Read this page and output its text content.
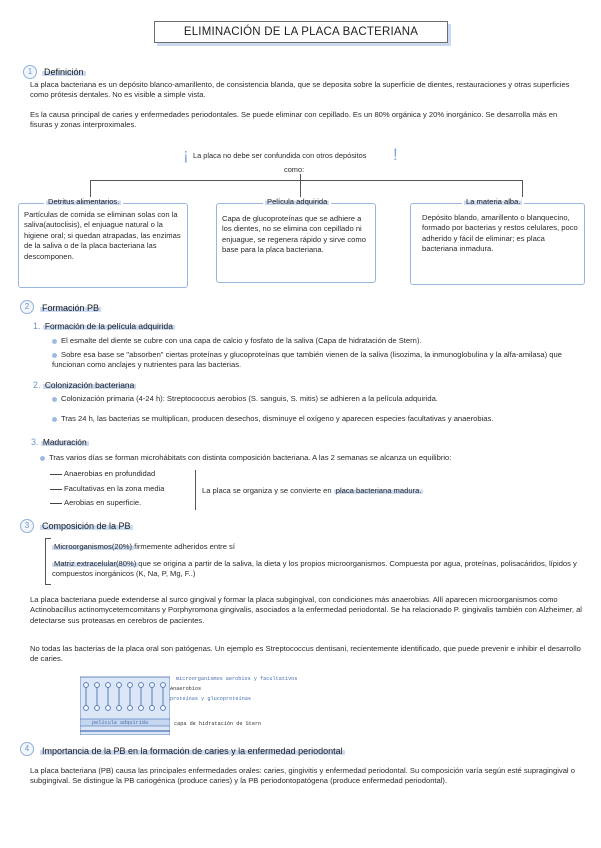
ELIMINACIÓN DE LA PLACA BACTERIANA
1	Definición
La placa bacteriana es un depósito blanco-amarillento, de consistencia blanda, que se deposita sobre la superficie de dientes, restauraciones y otras superficies como prótesis dentales. No es visible a simple vista.
Es la causa principal de caries y enfermedades periodontales. Se puede eliminar con cepillado. Es un 80% orgánica y 20% inorgánico. Se desarrolla más en fisuras y zonas interproximales.
¡	!
La placa no debe ser confundida con otros depósitos
como:
Partículas de comida se eliminan solas con la saliva(autoclisis), el enjuague natural o la higiene oral; si quedan atrapadas, las enzimas de la saliva o de la placa bacteriana las descomponen.
Detritus alimentarios.
Capa de glucoproteínas que se adhiere a los dientes, no se elimina con cepillado ni enjuague, se regenera rápido y sirve como base para la placa bacteriana.
Película adquirida
Depósito blando, amarillento o blanquecino, formado por bacterias y restos celulares, poco adherido y fácil de eliminar; es placa bacteriana inmadura.
La materia alba.
2	Formación PB
1. Formación de la película adquirida
El esmalte del diente se cubre con una capa de calcio y fosfato de la saliva (Capa de hidratación de Stern).
Sobre esa base se "absorben" ciertas proteínas y glucoproteínas que también vienen de la saliva (lisozima, la inmunoglobulina y la alfa-amilasa) que funcionan como anclajes y nutrientes para las bacterias.
2. Colonización bacteriana
Colonización primaria (4-24 h): Streptococcus aerobios (S. sanguis, S. mitis) se adhieren a la película adquirida.
Tras 24 h, las bacterias se multiplican, producen desechos, disminuye el oxígeno y aparecen especies facultativas y anaerobias.
3. Maduración
Tras varios días se forman microhábitats con distinta composición bacteriana. A las 2 semanas se alcanza un equilibrio:
Anaerobias en profundidad
Facultativas en la zona media
Aerobias en superficie.
La placa se organiza y se convierte en placa bacteriana madura.
3	Composición de la PB
Microorganismos(20%) firmemente adheridos entre sí
Matriz extracelular(80%) que se origina a partir de la saliva, la dieta y los propios microorganismos. Compuesta por agua, proteínas, polisacáridos, lípidos y compuestos inorgánicos (K, Na, P, Mg, F..)
La placa bacteriana puede extenderse al surco gingival y formar la placa subgingival, con condiciones más anaerobias. Allí aparecen microorganismos como Actinobacillus actinomycetemcomitans y Porphyromona gingivalis, asociados a la enfermedad periodontal. Se ha relacionado P. gingivalis también con Alzheimer, al detectarse sus proteasas en cerebros de pacientes.
No todas las bacterias de la placa oral son patógenas. Un ejemplo es Streptococcus dentisani, recientemente identificado, que puede prevenir e inhibir el desarrollo de caries.
película adquirida
microorganismos aerobios y facultativos
Anaerobios
proteínas y glucoproteínas
capa de hidratación de Stern
4	Importancia de la PB en la formación de caries y la enfermedad periodontal
La placa bacteriana (PB) causa las principales enfermedades orales: caries, gingivitis y enfermedad periodontal. Su composición varía según esté supragingival o subgingival. Se distingue la PB cariogénica (produce caries) y la PB periodontopatógena (produce enfermedad periodontal).
